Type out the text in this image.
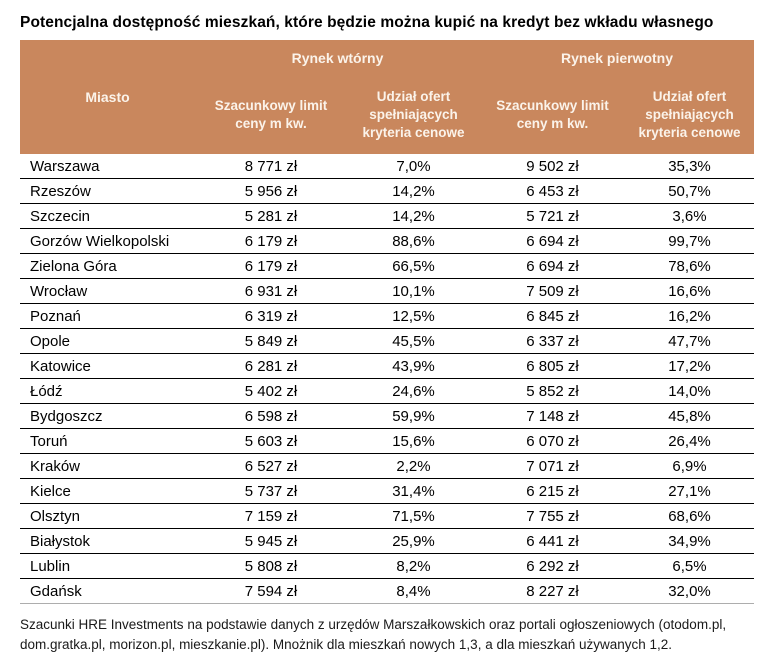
Potencjalna dostępność mieszkań, które będzie można kupić na kredyt bez wkładu własnego
Miasto	Rynek wtórny		Rynek pierwotny	
	Szacunkowy limit ceny m kw.	Udział ofert spełniających kryteria cenowe	Szacunkowy limit ceny m kw.	Udział ofert spełniających kryteria cenowe
Warszawa	8 771 zł	7,0%	9 502 zł	35,3%
Rzeszów	5 956 zł	14,2%	6 453 zł	50,7%
Szczecin	5 281 zł	14,2%	5 721 zł	3,6%
Gorzów Wielkopolski	6 179 zł	88,6%	6 694 zł	99,7%
Zielona Góra	6 179 zł	66,5%	6 694 zł	78,6%
Wrocław	6 931 zł	10,1%	7 509 zł	16,6%
Poznań	6 319 zł	12,5%	6 845 zł	16,2%
Opole	5 849 zł	45,5%	6 337 zł	47,7%
Katowice	6 281 zł	43,9%	6 805 zł	17,2%
Łódź	5 402 zł	24,6%	5 852 zł	14,0%
Bydgoszcz	6 598 zł	59,9%	7 148 zł	45,8%
Toruń	5 603 zł	15,6%	6 070 zł	26,4%
Kraków	6 527 zł	2,2%	7 071 zł	6,9%
Kielce	5 737 zł	31,4%	6 215 zł	27,1%
Olsztyn	7 159 zł	71,5%	7 755 zł	68,6%
Białystok	5 945 zł	25,9%	6 441 zł	34,9%
Lublin	5 808 zł	8,2%	6 292 zł	6,5%
Gdańsk	7 594 zł	8,4%	8 227 zł	32,0%
Szacunki HRE Investments na podstawie danych z urzędów Marszałkowskich oraz portali ogłoszeniowych (otodom.pl,
dom.gratka.pl, morizon.pl, mieszkanie.pl). Mnożnik dla mieszkań nowych 1,3, a dla mieszkań używanych 1,2.
